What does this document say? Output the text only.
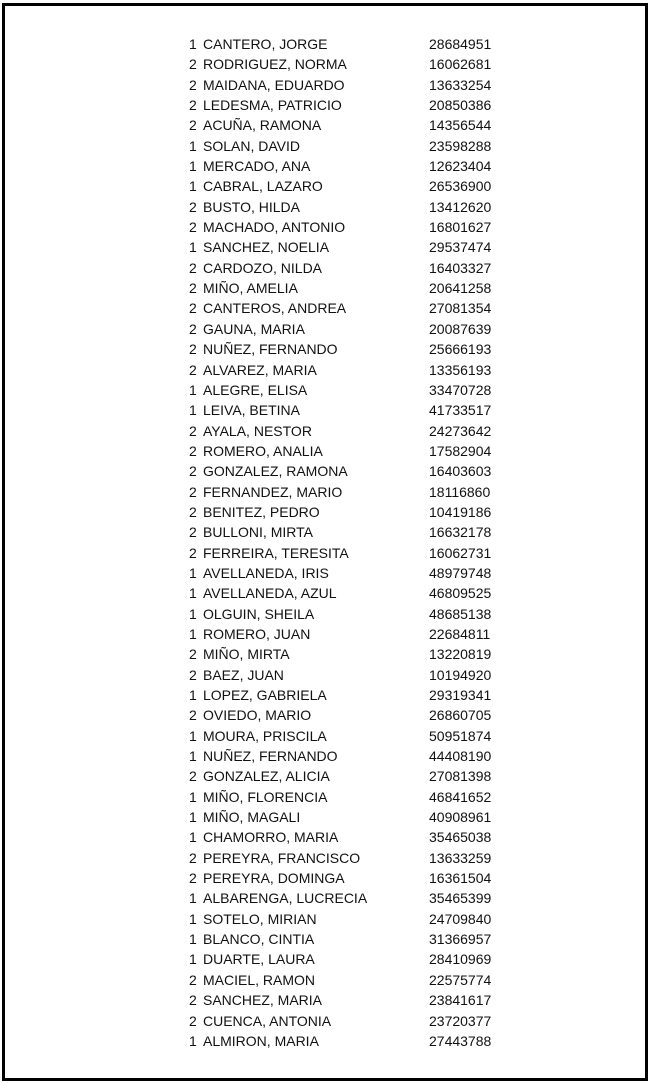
1 CANTERO, JORGE	28684951
2 RODRIGUEZ, NORMA	16062681
2 MAIDANA, EDUARDO	13633254
2 LEDESMA, PATRICIO	20850386
2 ACUÑA, RAMONA	14356544
1 SOLAN, DAVID	23598288
1 MERCADO, ANA	12623404
1 CABRAL, LAZARO	26536900
2 BUSTO, HILDA	13412620
2 MACHADO, ANTONIO	16801627
1 SANCHEZ, NOELIA	29537474
2 CARDOZO, NILDA	16403327
2 MIÑO, AMELIA	20641258
2 CANTEROS, ANDREA	27081354
2 GAUNA, MARIA	20087639
2 NUÑEZ, FERNANDO	25666193
2 ALVAREZ, MARIA	13356193
1 ALEGRE, ELISA	33470728
1 LEIVA, BETINA	41733517
2 AYALA, NESTOR	24273642
2 ROMERO, ANALIA	17582904
2 GONZALEZ, RAMONA	16403603
2 FERNANDEZ, MARIO	18116860
2 BENITEZ, PEDRO	10419186
2 BULLONI, MIRTA	16632178
2 FERREIRA, TERESITA	16062731
1 AVELLANEDA, IRIS	48979748
1 AVELLANEDA, AZUL	46809525
1 OLGUIN, SHEILA	48685138
1 ROMERO, JUAN	22684811
2 MIÑO, MIRTA	13220819
2 BAEZ, JUAN	10194920
1 LOPEZ, GABRIELA	29319341
2 OVIEDO, MARIO	26860705
1 MOURA, PRISCILA	50951874
1 NUÑEZ, FERNANDO	44408190
2 GONZALEZ, ALICIA	27081398
1 MIÑO, FLORENCIA	46841652
1 MIÑO, MAGALI	40908961
1 CHAMORRO, MARIA	35465038
2 PEREYRA, FRANCISCO	13633259
2 PEREYRA, DOMINGA	16361504
1 ALBARENGA, LUCRECIA	35465399
1 SOTELO, MIRIAN	24709840
1 BLANCO, CINTIA	31366957
1 DUARTE, LAURA	28410969
2 MACIEL, RAMON	22575774
2 SANCHEZ, MARIA	23841617
2 CUENCA, ANTONIA	23720377
1 ALMIRON, MARIA	27443788
